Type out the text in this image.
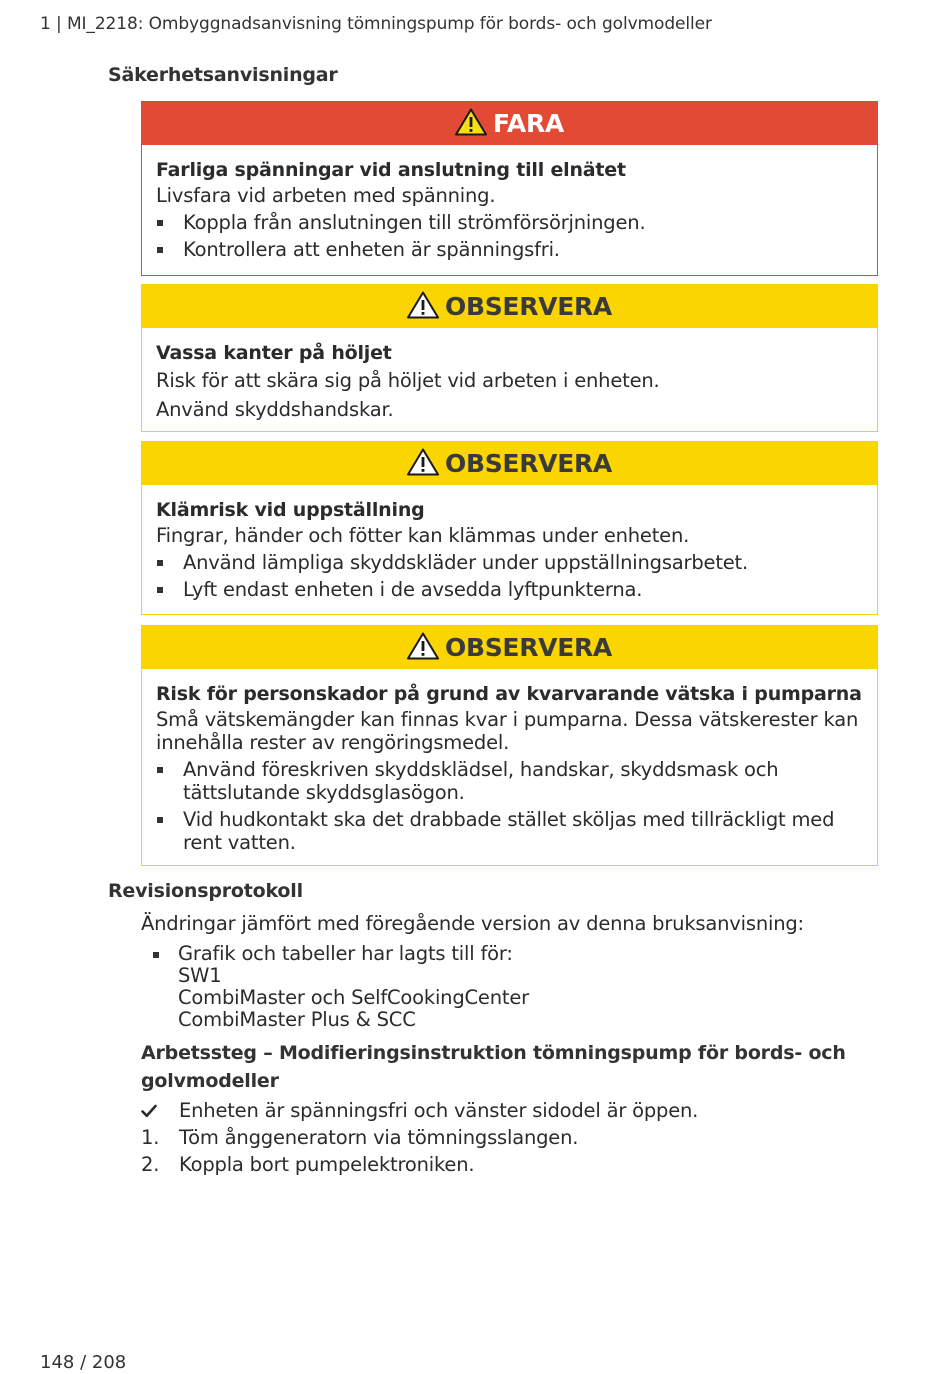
1 | MI_2218: Ombyggnadsanvisning tömningspump för bords- och golvmodeller
Säkerhetsanvisningar
FARA
Farliga spänningar vid anslutning till elnätet
Livsfara vid arbeten med spänning.
Koppla från anslutningen till strömförsörjningen.
Kontrollera att enheten är spänningsfri.
OBSERVERA
Vassa kanter på höljet
Risk för att skära sig på höljet vid arbeten i enheten.
Använd skyddshandskar.
OBSERVERA
Klämrisk vid uppställning
Fingrar, händer och fötter kan klämmas under enheten.
Använd lämpliga skyddskläder under uppställningsarbetet.
Lyft endast enheten i de avsedda lyftpunkterna.
OBSERVERA
Risk för personskador på grund av kvarvarande vätska i pumparna
Små vätskemängder kan finnas kvar i pumparna. Dessa vätskerester kan innehålla rester av rengöringsmedel.
Använd föreskriven skyddsklädsel, handskar, skyddsmask och tättslutande skyddsglasögon.
Vid hudkontakt ska det drabbade stället sköljas med tillräckligt med rent vatten.
Revisionsprotokoll
Ändringar jämfört med föregående version av denna bruksanvisning:
Grafik och tabeller har lagts till för:
SW1
CombiMaster och SelfCookingCenter
CombiMaster Plus & SCC
Arbetssteg – Modifieringsinstruktion tömningspump för bords- och golvmodeller
Enheten är spänningsfri och vänster sidodel är öppen.
1. Töm ånggeneratorn via tömningsslangen.
2. Koppla bort pumpelektroniken.
148 / 208
